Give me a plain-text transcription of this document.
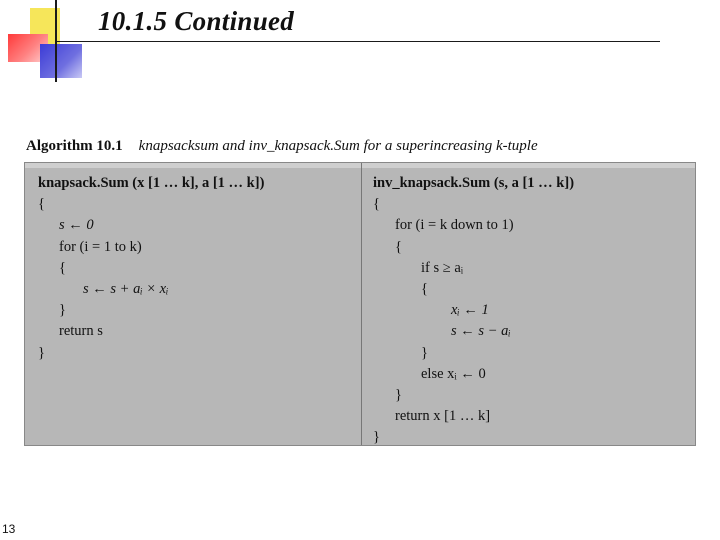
10.1.5 Continued
Algorithm 10.1 knapsacksum and inv_knapsack.Sum for a superincreasing k-tuple
knapsack.Sum (x [1 … k], a [1 … k])
{
s ← 0
for (i = 1 to k)
{
s ← s + aᵢ × xᵢ
}
return s
}
inv_knapsack.Sum (s, a [1 … k])
{
for (i = k down to 1)
{
if s ≥ aᵢ
{
xᵢ ← 1
s ← s − aᵢ
}
else xᵢ ← 0
}
return x [1 … k]
}
13
